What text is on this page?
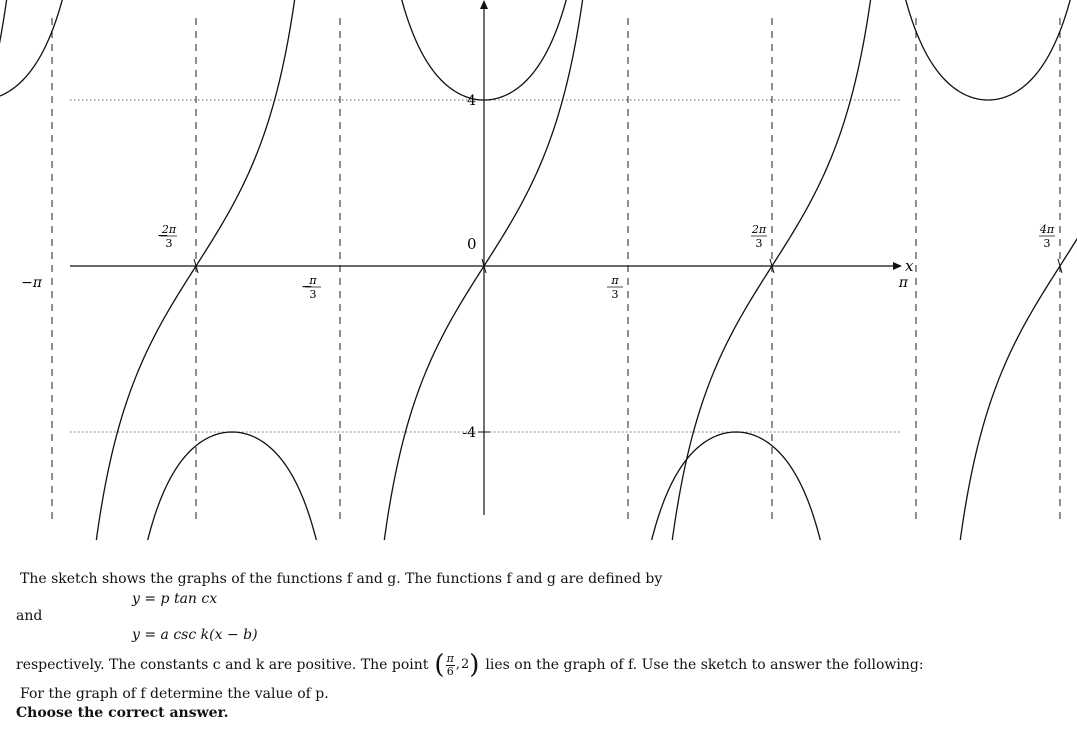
x
4
-4
−π
−
2π
3
−
π
3
0
π
3
2π
3
π
4π
3
The sketch shows the graphs of the functions f and g. The functions f and g are defined by
y = p tan cx
and
y = a csc k(x − b)
respectively. The constants c and k are positive. The point ( $\frac{\pi}{6}$ , 2 ) lies on the graph of f. Use the sketch to answer the following:
For the graph of f determine the value of p.
Choose the correct answer.
